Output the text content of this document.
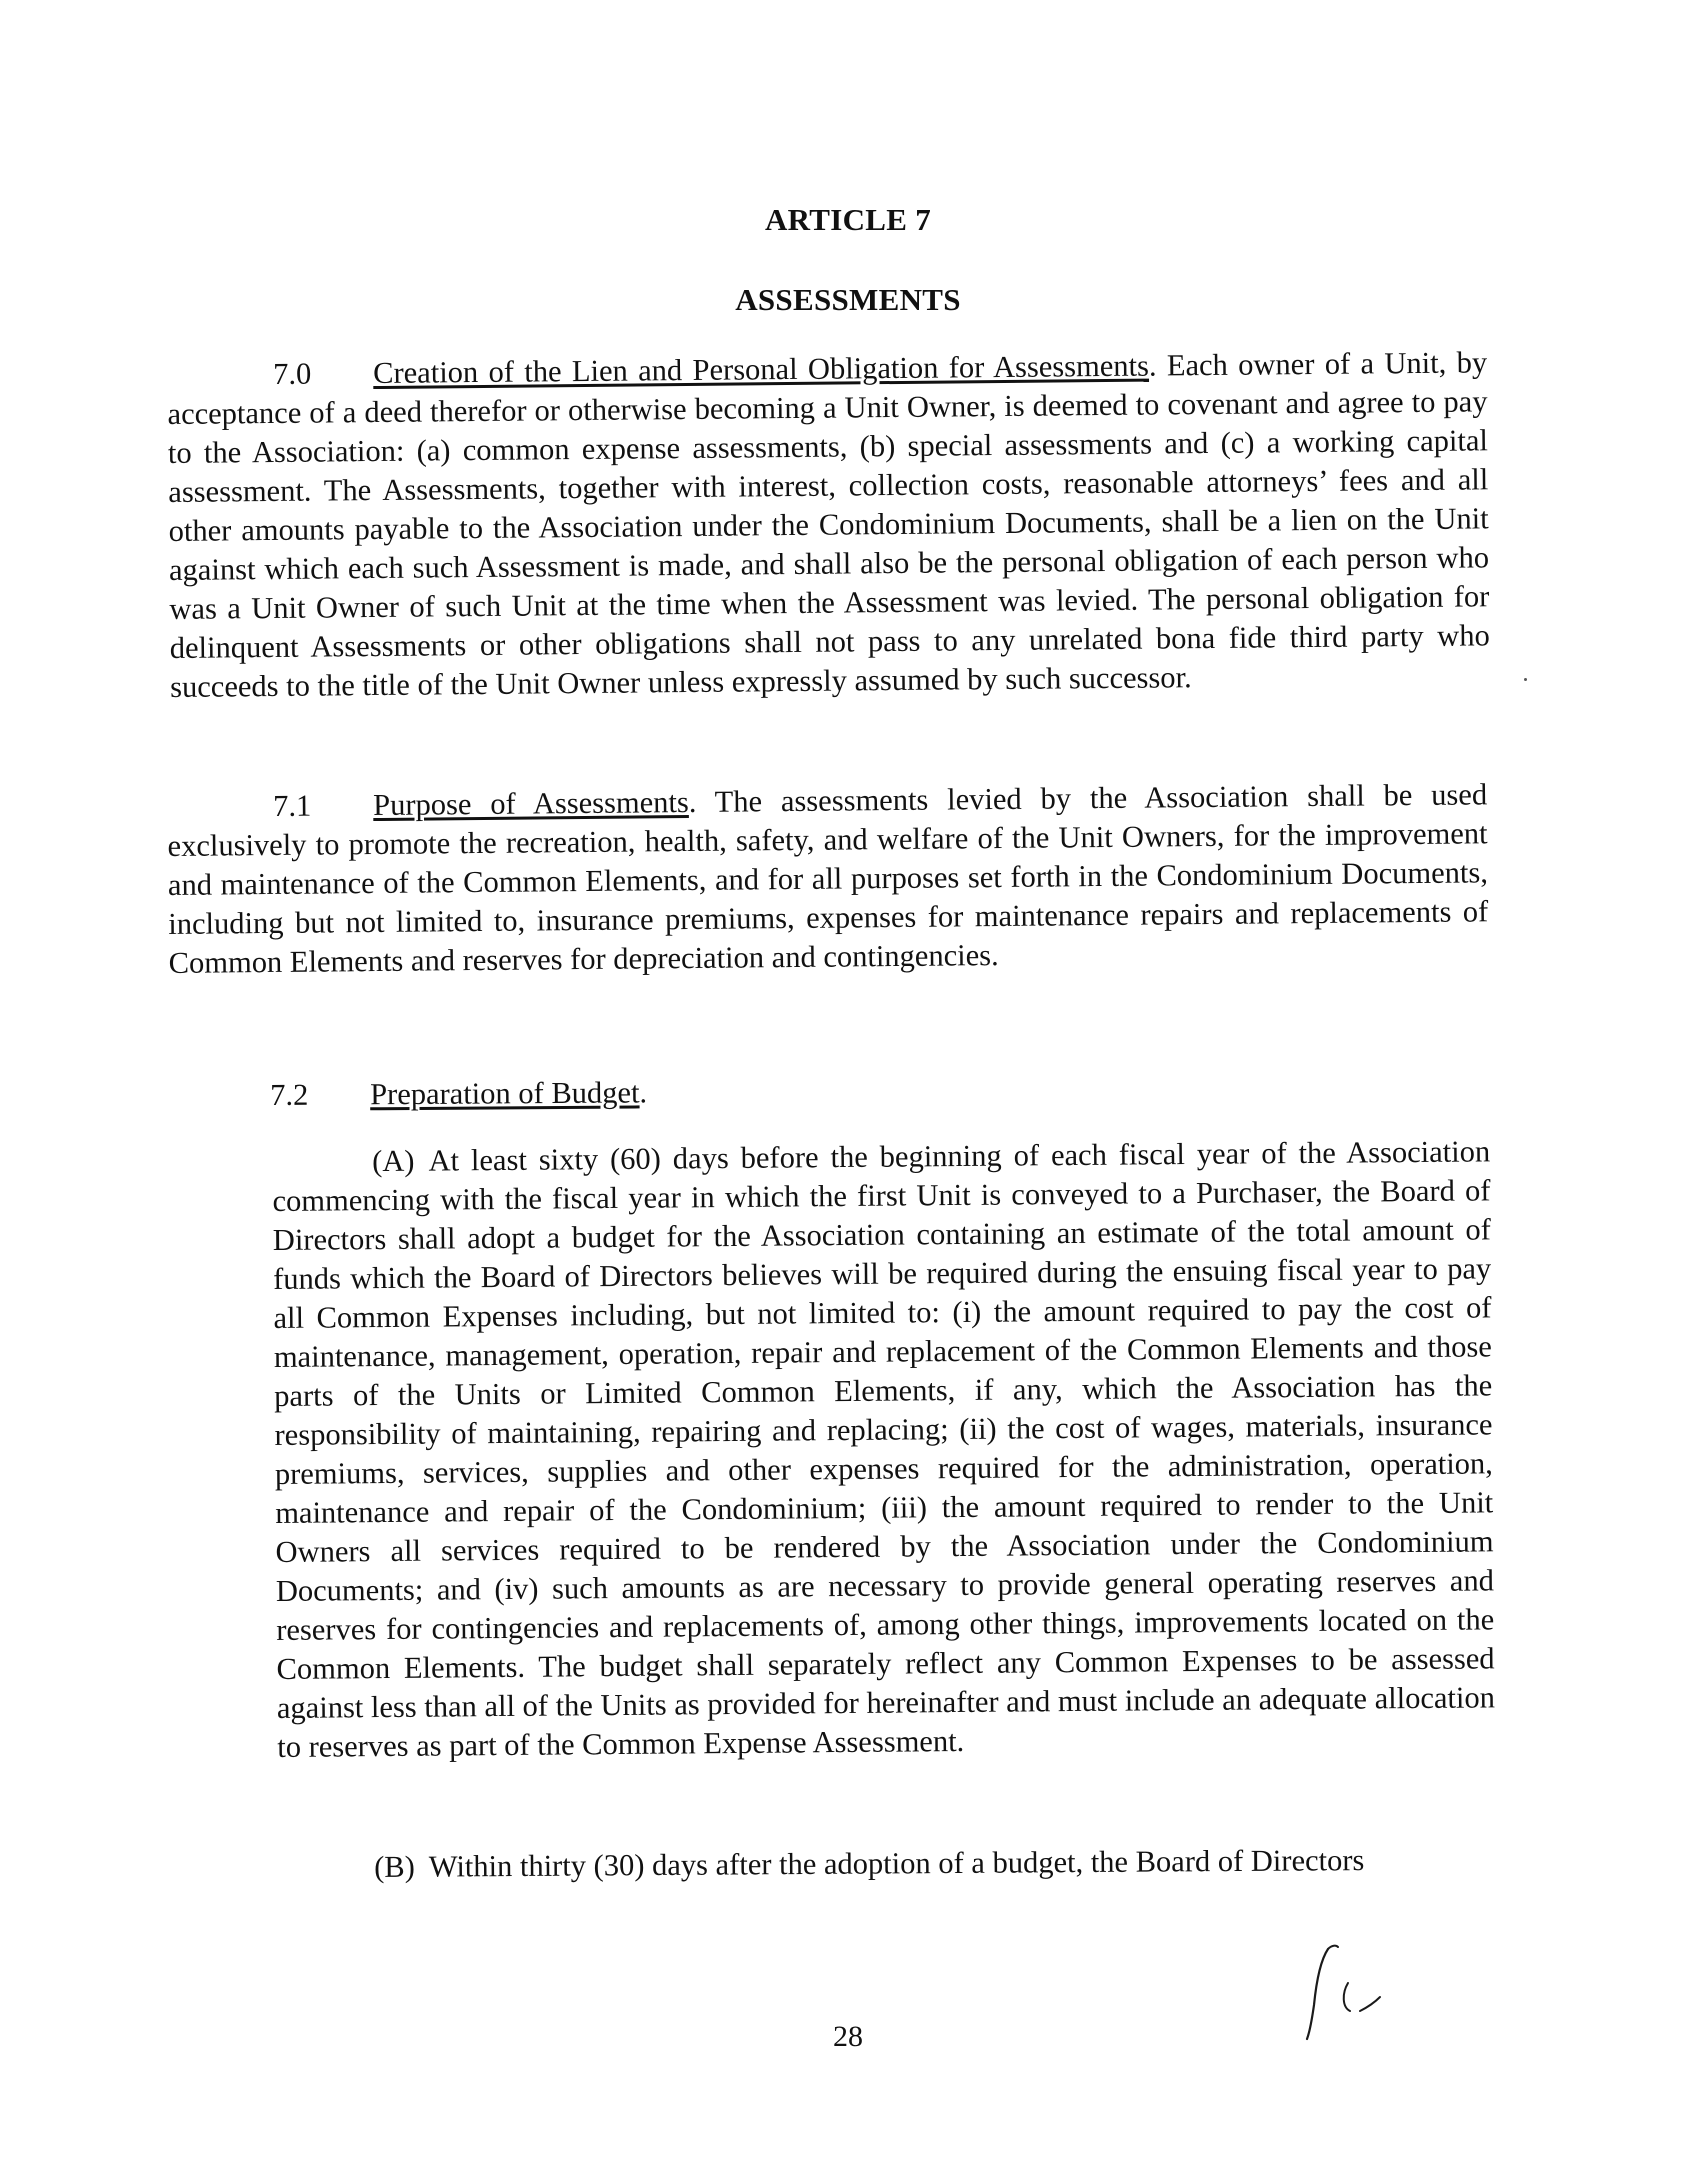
ARTICLE 7
ASSESSMENTS

7.0 Creation of the Lien and Personal Obligation for Assessments. Each owner of a Unit, by acceptance of a deed therefor or otherwise becoming a Unit Owner, is deemed to covenant and agree to pay to the Association: (a) common expense assessments, (b) special assessments and (c) a working capital assessment. The Assessments, together with interest, collection costs, reasonable attorneys’ fees and all other amounts payable to the Association under the Condominium Documents, shall be a lien on the Unit against which each such Assessment is made, and shall also be the personal obligation of each person who was a Unit Owner of such Unit at the time when the Assessment was levied. The personal obligation for delinquent Assessments or other obligations shall not pass to any unrelated bona fide third party who succeeds to the title of the Unit Owner unless expressly assumed by such successor.

7.1 Purpose of Assessments. The assessments levied by the Association shall be used exclusively to promote the recreation, health, safety, and welfare of the Unit Owners, for the improvement and maintenance of the Common Elements, and for all purposes set forth in the Condominium Documents, including but not limited to, insurance premiums, expenses for maintenance repairs and replacements of Common Elements and reserves for depreciation and contingencies.

7.2 Preparation of Budget.

(A) At least sixty (60) days before the beginning of each fiscal year of the Association commencing with the fiscal year in which the first Unit is conveyed to a Purchaser, the Board of Directors shall adopt a budget for the Association containing an estimate of the total amount of funds which the Board of Directors believes will be required during the ensuing fiscal year to pay all Common Expenses including, but not limited to: (i) the amount required to pay the cost of maintenance, management, operation, repair and replacement of the Common Elements and those parts of the Units or Limited Common Elements, if any, which the Association has the responsibility of maintaining, repairing and replacing; (ii) the cost of wages, materials, insurance premiums, services, supplies and other expenses required for the administration, operation, maintenance and repair of the Condominium; (iii) the amount required to render to the Unit Owners all services required to be rendered by the Association under the Condominium Documents; and (iv) such amounts as are necessary to provide general operating reserves and reserves for contingencies and replacements of, among other things, improvements located on the Common Elements. The budget shall separately reflect any Common Expenses to be assessed against less than all of the Units as provided for hereinafter and must include an adequate allocation to reserves as part of the Common Expense Assessment.

(B) Within thirty (30) days after the adoption of a budget, the Board of Directors

28
